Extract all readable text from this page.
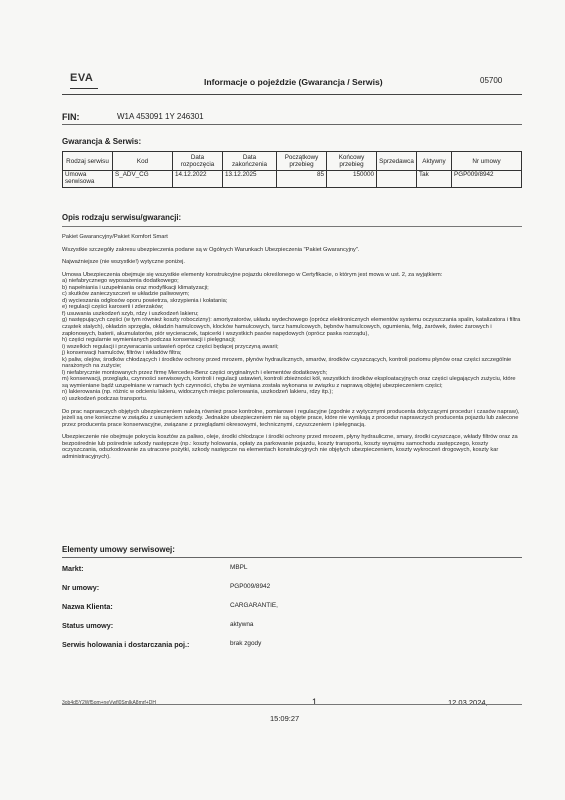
EVA	Informacje o pojeździe (Gwarancja / Serwis)	05700
FIN:	W1A 453091 1Y 246301
Gwarancja & Serwis:
Rodzaj serwisu	Kod	Data rozpoczęcia	Data zakończenia	Początkowy przebieg	Końcowy przebieg	Sprzedawca	Aktywny	Nr umowy
Umowa serwisowa	S_ADV_CG	14.12.2022	13.12.2025	85	150000		Tak	PGP009/8942
Opis rodzaju serwisu/gwarancji:

Pakiet Gwarancyjny/Pakiet Komfort Smart

Wszystkie szczegóły zakresu ubezpieczenia podane są w Ogólnych Warunkach Ubezpieczenia "Pakiet Gwarancyjny".

Najważniejsze (nie wszystkie!) wytyczne poniżej.

Umowa Ubezpieczenia obejmuje się wszystkie elementy konstrukcyjne pojazdu określonego w Certyfikacie, o którym jest mowa w ust. 2, za wyjątkiem:

a) niefabrycznego wyposażenia dodatkowego;
b) napełniania i uzupełniania oraz modyfikacji klimatyzacji;
c) skutków zanieczyszczeń w układzie paliwowym;
d) wycieszania odgłosów oporu powietrza, skrzypienia i kołatania;
e) regulacji części karoserii i zderzaków;
f) usuwania uszkodzeń szyb, rdzy i uszkodzeń lakieru;
g) następujących części (w tym również koszty roboczizny): amortyzatorów, układu wydechowego (oprócz elektronicznych elementów systemu oczyszczania spalin, katalizatora i filtra cząstek stałych), okładzin sprzęgła, okładzin hamulcowych, klocków hamulcowych, tarcz hamulcowych, bębnów hamulcowych, ogumienia, felg, żarówek, świec żarowych i zapłonowych, baterii, akumulatorów, piór wycieraczek, tapicerki i wszystkich pasów napędowych (oprócz paska rozrządu),
h) części regularnie wymienianych podczas konserwacji i pielęgnacji;
i) wszelkich regulacji i przywracania ustawień oprócz części będącej przyczyną awarii;
j) konserwacji hamulców, filtrów i wkładów filtra;
k) paliw, olejów, środków chłodzących i środków ochrony przed mrozem, płynów hydraulicznych, smarów, środków czyszczących, kontroli poziomu płynów oraz części szczególnie narażonych na zużycie;
l) niefabrycznie montowanych przez firmę Mercedes-Benz części oryginalnych i elementów dodatkowych;
m) konserwacji, przeglądu, czynności serwisowych, kontroli i regulacji ustawień, kontroli zbieżności kół, wszystkich środków eksploatacyjnych oraz części ulegających zużyciu, które są wymieniane bądź uzupełniane w ramach tych czynności, chyba że wymiana została wykonana w związku z naprawą objętej ubezpieczeniem części;
n) lakierowania (np. różnic w odcieniu lakieru, widocznych miejsc polerowania, uszkodzeń lakieru, rdzy itp.);
o) uszkodzeń podczas transportu.

Do prac naprawczych objętych ubezpieczeniem należą również prace kontrolne, pomiarowe i regulacyjne (zgodnie z wytycznymi producenta dotyczącymi procedur i czasów napraw), jeżeli są one konieczne w związku z usunięciem szkody. Jednakże ubezpieczeniem nie są objęte prace, które nie wynikają z procedur naprawczych producenta pojazdu lub zalecone przez producenta prace konserwacyjne, związane z przeglądami okresowymi, technicznymi, czyszczeniem i pielęgnacją.

Ubezpieczenie nie obejmuje pokrycia kosztów za paliwo, oleje, środki chłodzące i środki ochrony przed mrozem, płyny hydrauliczne, smary, środki czyszczące, wkłady filtrów oraz za bezpośrednie lub pośrednie szkody następcze (np.: koszty holowania, opłaty za parkowanie pojazdu, koszty transportu, koszty wynajmu samochodu zastępczego, koszty oczyszczania, odszkodowanie za utracone pożytki, szkody następcze na elementach konstrukcyjnych nie objętych ubezpieczeniem, koszty wykroczeń drogowych, koszty kar administracyjnych).

Elementy umowy serwisowej:
Markt:	MBPL
Nr umowy:	PGP009/8942
Nazwa Klienta:	CARGARANTIE,
Status umowy:	aktywna
Serwis holowania i dostarczania poj.:	brak zgody
3ob4d5Y2Wf5om+neVwfl0SmlkA8mrf+DH	1	12.03.2024,
15:09:27
